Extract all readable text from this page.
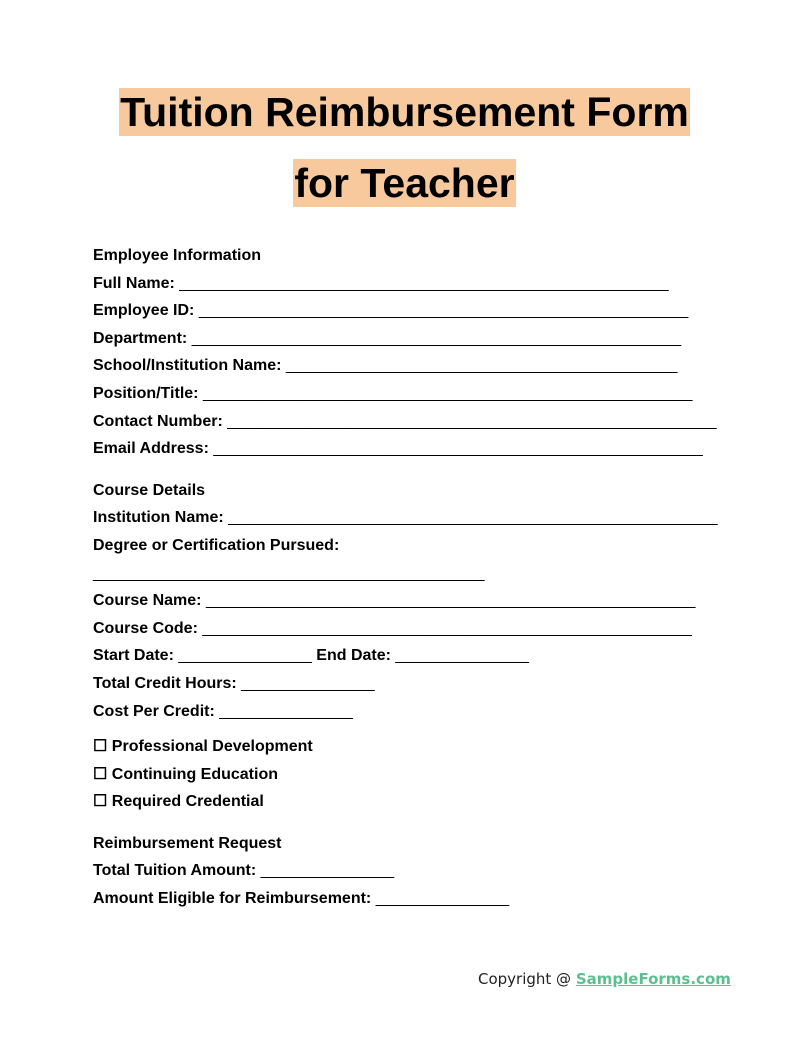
Tuition Reimbursement Form
for Teacher
Employee Information
Full Name: _______________________________________________________
Employee ID: _______________________________________________________
Department: _______________________________________________________
School/Institution Name: ____________________________________________
Position/Title: _______________________________________________________
Contact Number: _______________________________________________________
Email Address: _______________________________________________________
Course Details
Institution Name: _______________________________________________________
Degree or Certification Pursued:
____________________________________________
Course Name: _______________________________________________________
Course Code: _______________________________________________________
Start Date: _______________ End Date: _______________
Total Credit Hours: _______________
Cost Per Credit: _______________
☐ Professional Development
☐ Continuing Education
☐ Required Credential
Reimbursement Request
Total Tuition Amount: _______________
Amount Eligible for Reimbursement: _______________
Copyright @ SampleForms.com
